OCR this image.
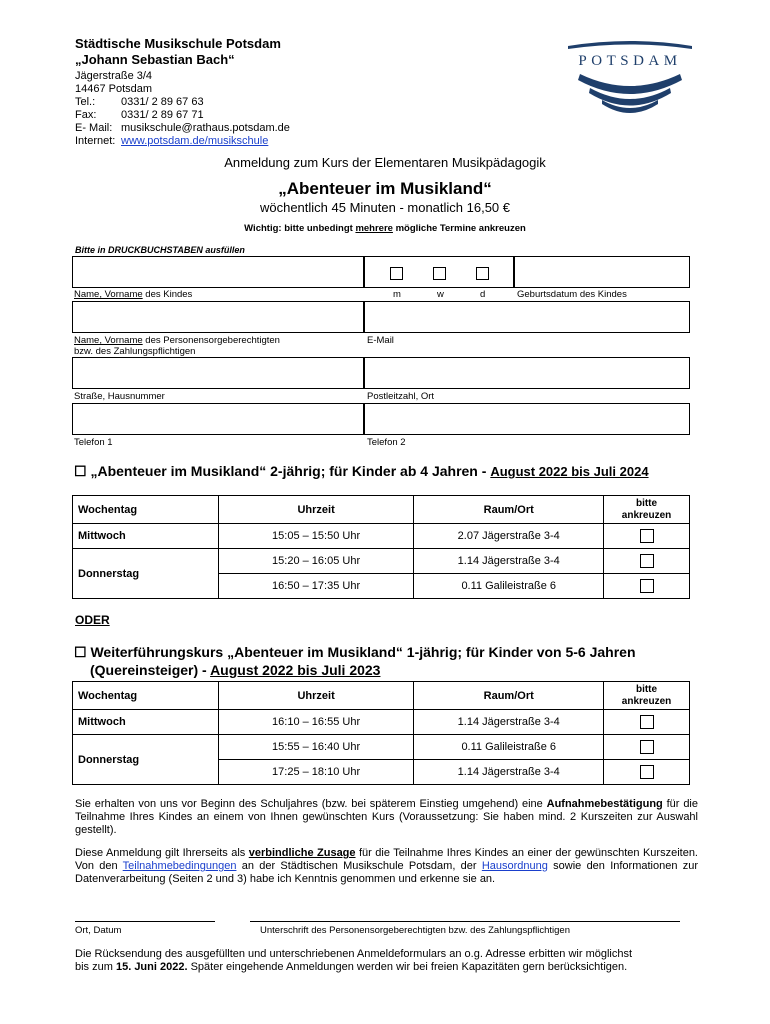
Städtische Musikschule Potsdam
„Johann Sebastian Bach“
Jägerstraße 3/4
14467 Potsdam
Tel.: 0331/ 2 89 67 63
Fax: 0331/ 2 89 67 71
E- Mail: musikschule@rathaus.potsdam.de
Internet: www.potsdam.de/musikschule
POTSDAM
Anmeldung zum Kurs der Elementaren Musikpädagogik
„Abenteuer im Musikland“
wöchentlich 45 Minuten - monatlich 16,50 €
Wichtig: bitte unbedingt mehrere mögliche Termine ankreuzen
Bitte in DRUCKBUCHSTABEN ausfüllen
Name, Vorname des Kindes	m	w	d	Geburtsdatum des Kindes
Name, Vorname des Personensorgeberechtigten
bzw. des Zahlungspflichtigen
E-Mail
Straße, Hausnummer	Postleitzahl, Ort
Telefon 1	Telefon 2
☐ „Abenteuer im Musikland“ 2-jährig; für Kinder ab 4 Jahren - August 2022 bis Juli 2024
Wochentag	Uhrzeit	Raum/Ort	bitte
ankreuzen
Mittwoch	15:05 – 15:50 Uhr	2.07 Jägerstraße 3-4	
Donnerstag	15:20 – 16:05 Uhr	1.14 Jägerstraße 3-4	
	16:50 – 17:35 Uhr	0.11 Galileistraße 6	
ODER
☐ Weiterführungskurs „Abenteuer im Musikland“ 1-jährig; für Kinder von 5-6 Jahren
(Quereinsteiger) - August 2022 bis Juli 2023
Wochentag	Uhrzeit	Raum/Ort	bitte
ankreuzen
Mittwoch	16:10 – 16:55 Uhr	1.14 Jägerstraße 3-4	
Donnerstag	15:55 – 16:40 Uhr	0.11 Galileistraße 6	
	17:25 – 18:10 Uhr	1.14 Jägerstraße 3-4	
Sie erhalten von uns vor Beginn des Schuljahres (bzw. bei späterem Einstieg umgehend) eine Aufnahmebestätigung für die Teilnahme Ihres Kindes an einem von Ihnen gewünschten Kurs (Voraussetzung: Sie haben mind. 2 Kurszeiten zur Auswahl gestellt).
Diese Anmeldung gilt Ihrerseits als verbindliche Zusage für die Teilnahme Ihres Kindes an einer der gewünschten Kurszeiten. Von den Teilnahmebedingungen an der Städtischen Musikschule Potsdam, der Hausordnung sowie den Informationen zur Datenverarbeitung (Seiten 2 und 3) habe ich Kenntnis genommen und erkenne sie an.
Ort, Datum	Unterschrift des Personensorgeberechtigten bzw. des Zahlungspflichtigen
Die Rücksendung des ausgefüllten und unterschriebenen Anmeldeformulars an o.g. Adresse erbitten wir möglichst
bis zum 15. Juni 2022. Später eingehende Anmeldungen werden wir bei freien Kapazitäten gern berücksichtigen.
